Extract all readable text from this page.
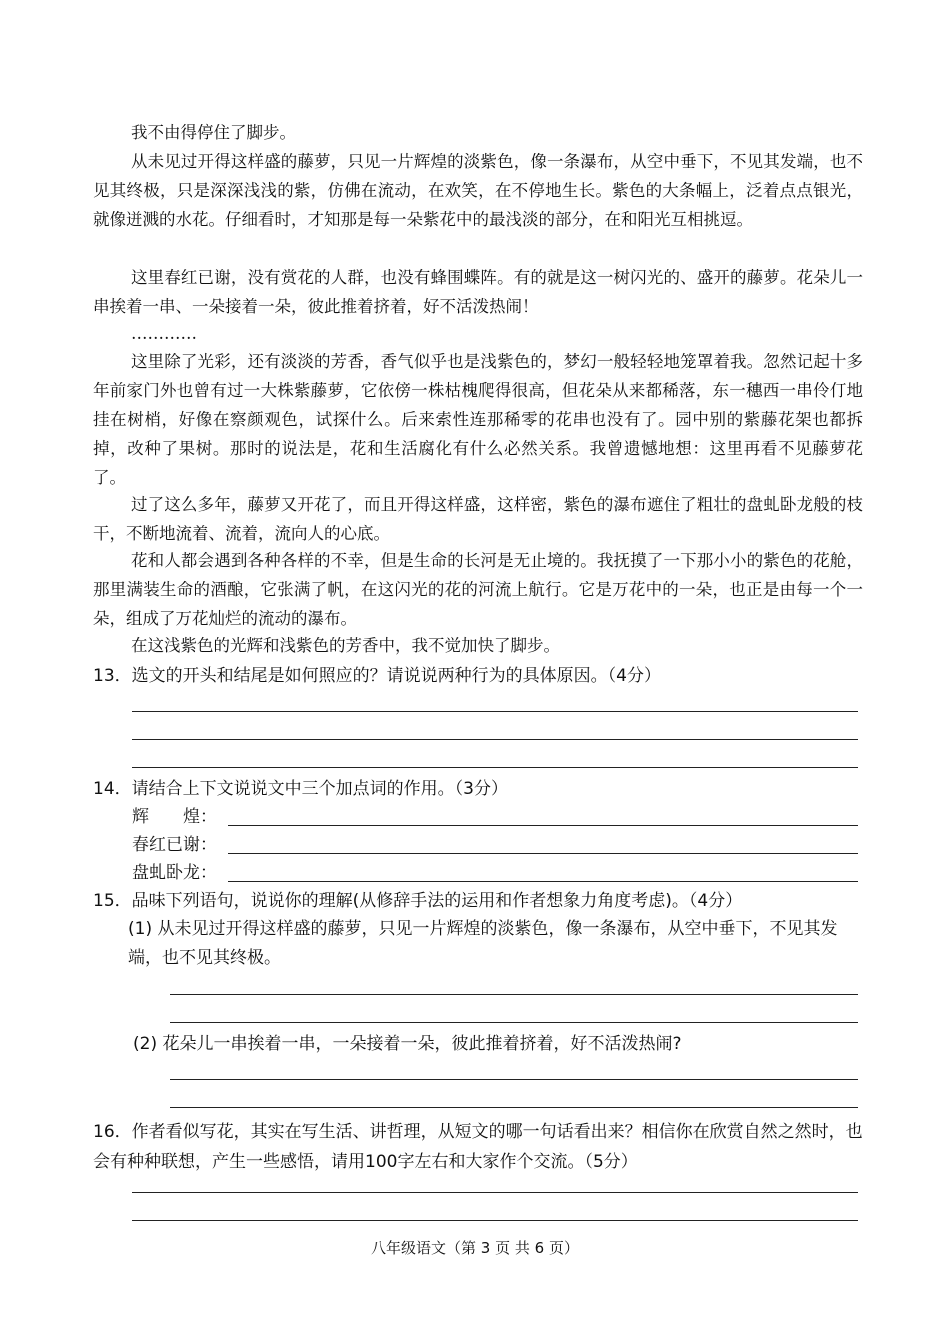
我不由得停住了脚步。

从未见过开得这样盛的藤萝，只见一片辉煌的淡紫色，像一条瀑布，从空中垂下，不见其发端，也不见其终极，只是深深浅浅的紫，仿佛在流动，在欢笑，在不停地生长。紫色的大条幅上，泛着点点银光，就像迸溅的水花。仔细看时，才知那是每一朵紫花中的最浅淡的部分，在和阳光互相挑逗。

这里春红已谢，没有赏花的人群，也没有蜂围蝶阵。有的就是这一树闪光的、盛开的藤萝。花朵儿一串挨着一串、一朵接着一朵，彼此推着挤着，好不活泼热闹！

…………

这里除了光彩，还有淡淡的芳香，香气似乎也是浅紫色的，梦幻一般轻轻地笼罩着我。忽然记起十多年前家门外也曾有过一大株紫藤萝，它依傍一株枯槐爬得很高，但花朵从来都稀落，东一穗西一串伶仃地挂在树梢，好像在察颜观色，试探什么。后来索性连那稀零的花串也没有了。园中别的紫藤花架也都拆掉，改种了果树。那时的说法是，花和生活腐化有什么必然关系。我曾遗憾地想：这里再看不见藤萝花了。

过了这么多年，藤萝又开花了，而且开得这样盛，这样密，紫色的瀑布遮住了粗壮的盘虬卧龙般的枝干，不断地流着、流着，流向人的心底。

花和人都会遇到各种各样的不幸，但是生命的长河是无止境的。我抚摸了一下那小小的紫色的花舱，那里满装生命的酒酿，它张满了帆，在这闪光的花的河流上航行。它是万花中的一朵，也正是由每一个一朵，组成了万花灿烂的流动的瀑布。

在这浅紫色的光辉和浅紫色的芳香中，我不觉加快了脚步。

13．选文的开头和结尾是如何照应的？请说说两种行为的具体原因。（4分）
14．请结合上下文说说文中三个加点词的作用。（3分）
辉　　煌：
春红已谢：
盘虬卧龙：
15．品味下列语句，说说你的理解(从修辞手法的运用和作者想象力角度考虑)。（4分）
(1) 从未见过开得这样盛的藤萝，只见一片辉煌的淡紫色，像一条瀑布，从空中垂下，不见其发端，也不见其终极。
(2) 花朵儿一串挨着一串，一朵接着一朵，彼此推着挤着，好不活泼热闹?
16．作者看似写花，其实在写生活、讲哲理，从短文的哪一句话看出来？相信你在欣赏自然之然时，也会有种种联想，产生一些感悟，请用100字左右和大家作个交流。（5分）
八年级语文（第 3 页 共 6 页）
